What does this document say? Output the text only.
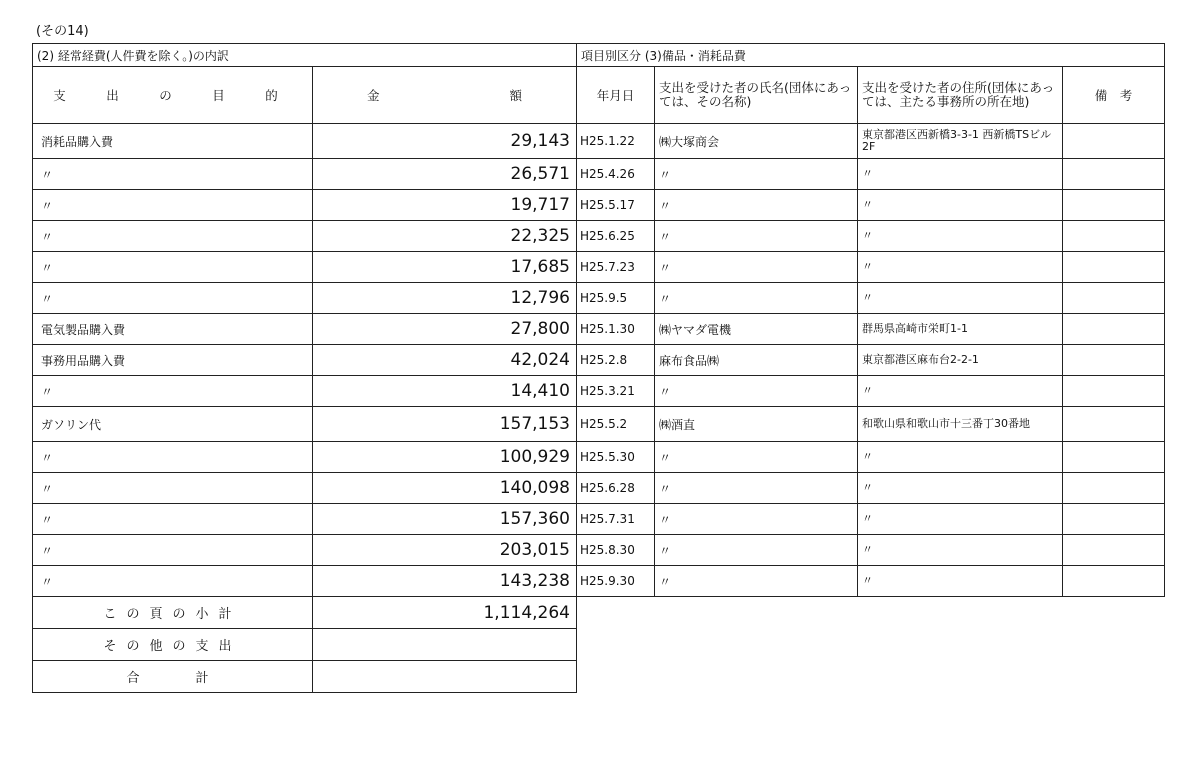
(その14)
(2) 経常経費(人件費を除く。)の内訳		項目別区分 (3)備品・消耗品費			
支　出　の　目　的	金 額	年月日	支出を受けた者の氏名(団体にあっては、その名称)	支出を受けた者の住所(団体にあっては、主たる事務所の所在地)	備　考
消耗品購入費	29,143	H25.1.22	㈱大塚商会	東京都港区西新橋3-3-1 西新橋TSビル2F	
〃	26,571	H25.4.26	〃	〃	
〃	19,717	H25.5.17	〃	〃	
〃	22,325	H25.6.25	〃	〃	
〃	17,685	H25.7.23	〃	〃	
〃	12,796	H25.9.5	〃	〃	
電気製品購入費	27,800	H25.1.30	㈱ヤマダ電機	群馬県高崎市栄町1-1	
事務用品購入費	42,024	H25.2.8	麻布食品㈱	東京都港区麻布台2-2-1	
〃	14,410	H25.3.21	〃	〃	
ガソリン代	157,153	H25.5.2	㈱酒直	和歌山県和歌山市十三番丁30番地	
〃	100,929	H25.5.30	〃	〃	
〃	140,098	H25.6.28	〃	〃	
〃	157,360	H25.7.31	〃	〃	
〃	203,015	H25.8.30	〃	〃	
〃	143,238	H25.9.30	〃	〃	
この頁の小計	1,114,264				
その他の支出					
合　　計					
